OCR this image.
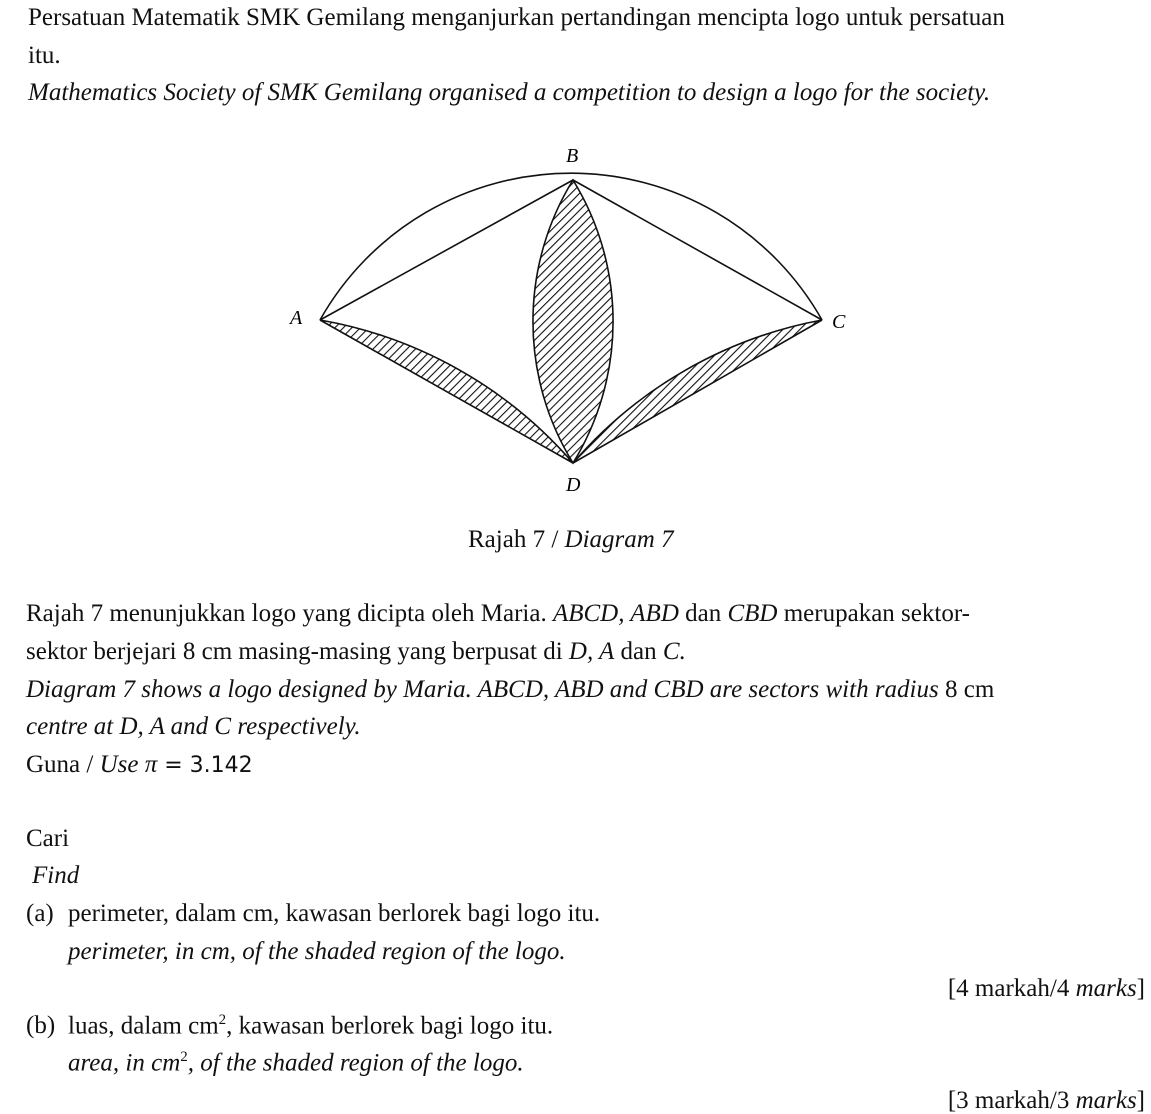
Persatuan Matematik SMK Gemilang menganjurkan pertandingan mencipta logo untuk persatuan
itu.
Mathematics Society of SMK Gemilang organised a competition to design a logo for the society.
B
A	C
D
Rajah 7 / Diagram 7
Rajah 7 menunjukkan logo yang dicipta oleh Maria. ABCD, ABD dan CBD merupakan sektor-
sektor berjejari 8 cm masing-masing yang berpusat di D, A dan C.
Diagram 7 shows a logo designed by Maria. ABCD, ABD and CBD are sectors with radius 8 cm
centre at D, A and C respectively.
Guna / Use π = 3.142
Cari
Find
(a) perimeter, dalam cm, kawasan berlorek bagi logo itu.
perimeter, in cm, of the shaded region of the logo.
[4 markah/4 marks]
(b) luas, dalam $cm^2$, kawasan berlorek bagi logo itu.
area, in $cm^2$, of the shaded region of the logo.
[3 markah/3 marks]
